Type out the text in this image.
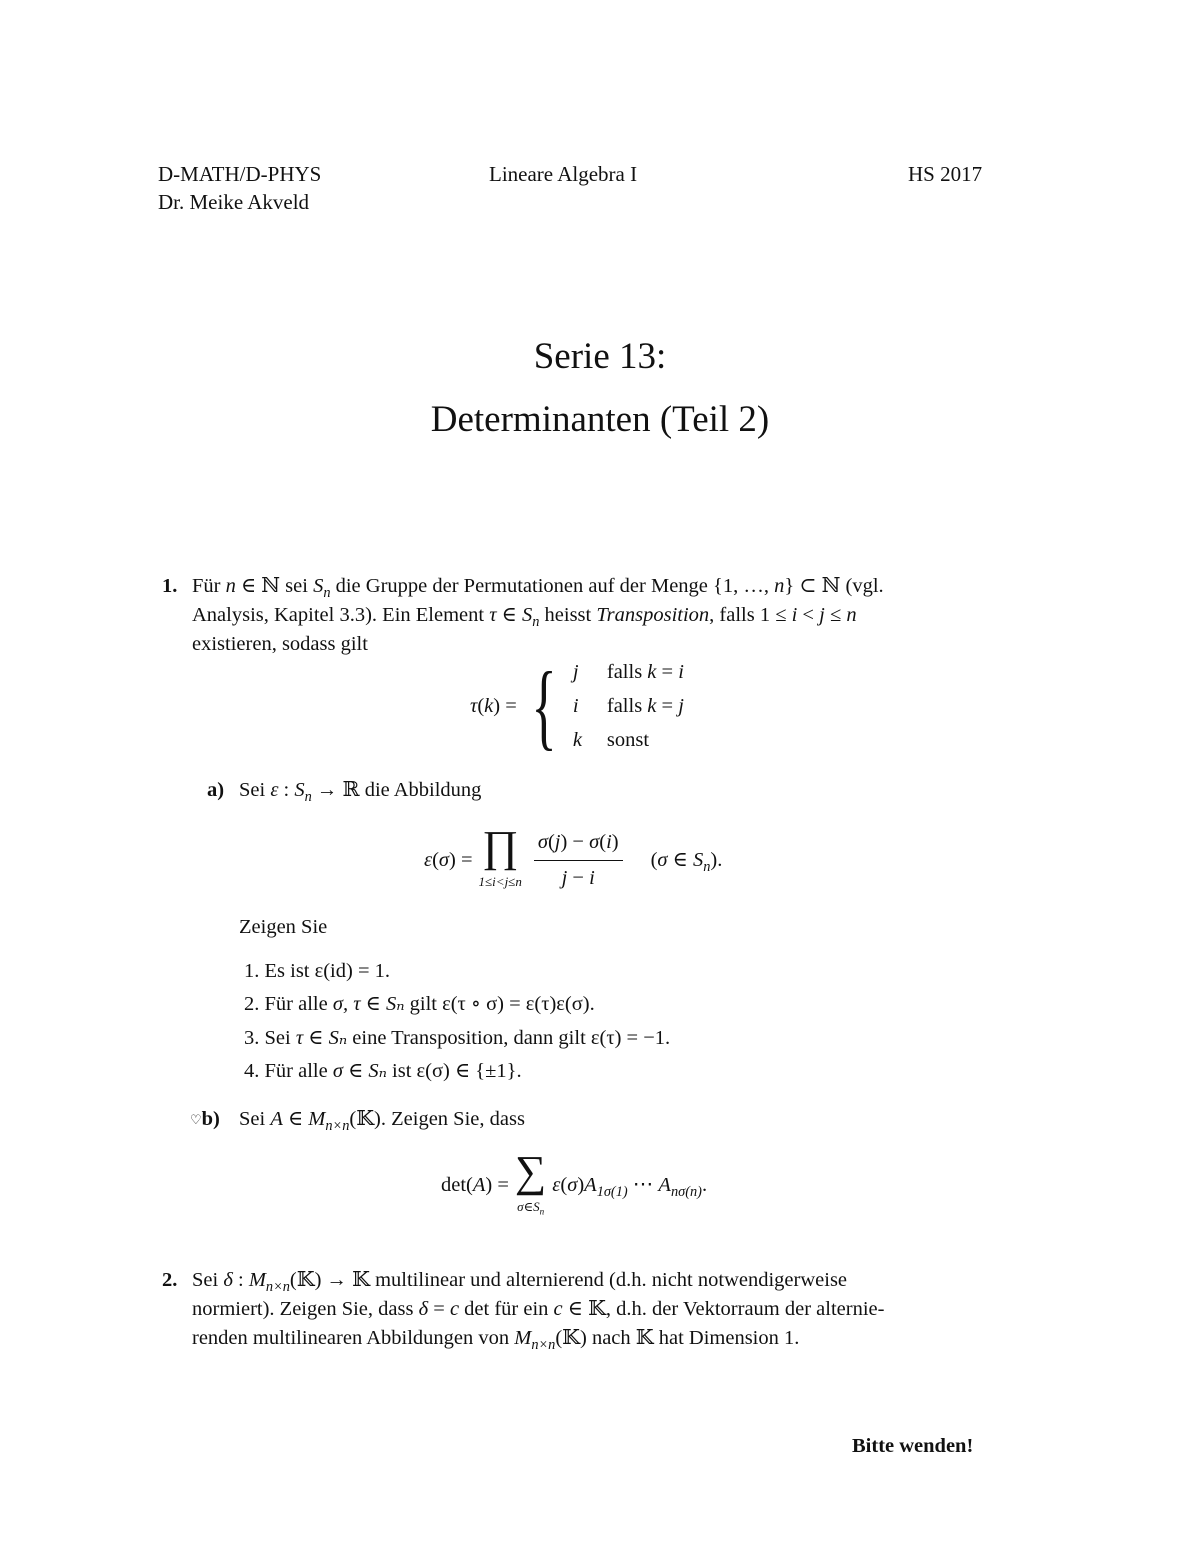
D-MATH/D-PHYS
Dr. Meike Akveld
Lineare Algebra I	HS 2017
Serie 13:
Determinanten (Teil 2)
1. Für n ∈ ℕ sei $S_n$ die Gruppe der Permutationen auf der Menge {1, …, n} ⊂ ℕ (vgl.
Analysis, Kapitel 3.3). Ein Element τ ∈ $S_n$ heisst Transposition, falls 1 ≤ i < j ≤ n
existieren, sodass gilt
τ ( k ) = { j falls k = i
i falls k = j
k sonst
a) Sei ε : $S_n$ → ℝ die Abbildung
ε ( σ ) = ∏
$1\le i<j\le n \frac{\sigma(j) - \sigma(i)}{j - i} (\sigma$ ∈ $S_n$).
Zeigen Sie
1. Es ist ε(id) = 1.
2. Für alle σ, τ ∈ Sₙ gilt ε(τ ∘ σ) = ε(τ)ε(σ).
3. Sei τ ∈ Sₙ eine Transposition, dann gilt ε(τ) = −1.
4. Für alle σ ∈ Sₙ ist ε(σ) ∈ {±1}.
♡b) Sei A ∈ $M_{n\times n}(𝕂)$. Zeigen Sie, dass
det(A) = ∑
$\sigma\in S_n$
$\varepsilon(\sigma)A_{1\sigma(1)}$ ⋯ $A_{n\sigma(n)}$.
2. Sei δ : $M_{n\times n}(𝕂)$ → 𝕂 multilinear und alternierend (d.h. nicht notwendigerweise
normiert). Zeigen Sie, dass δ = c det für ein c ∈ 𝕂, d.h. der Vektorraum der alternie-
renden multilinearen Abbildungen von $M_{n\times n}(𝕂)$ nach 𝕂 hat Dimension 1.
Bitte wenden!
